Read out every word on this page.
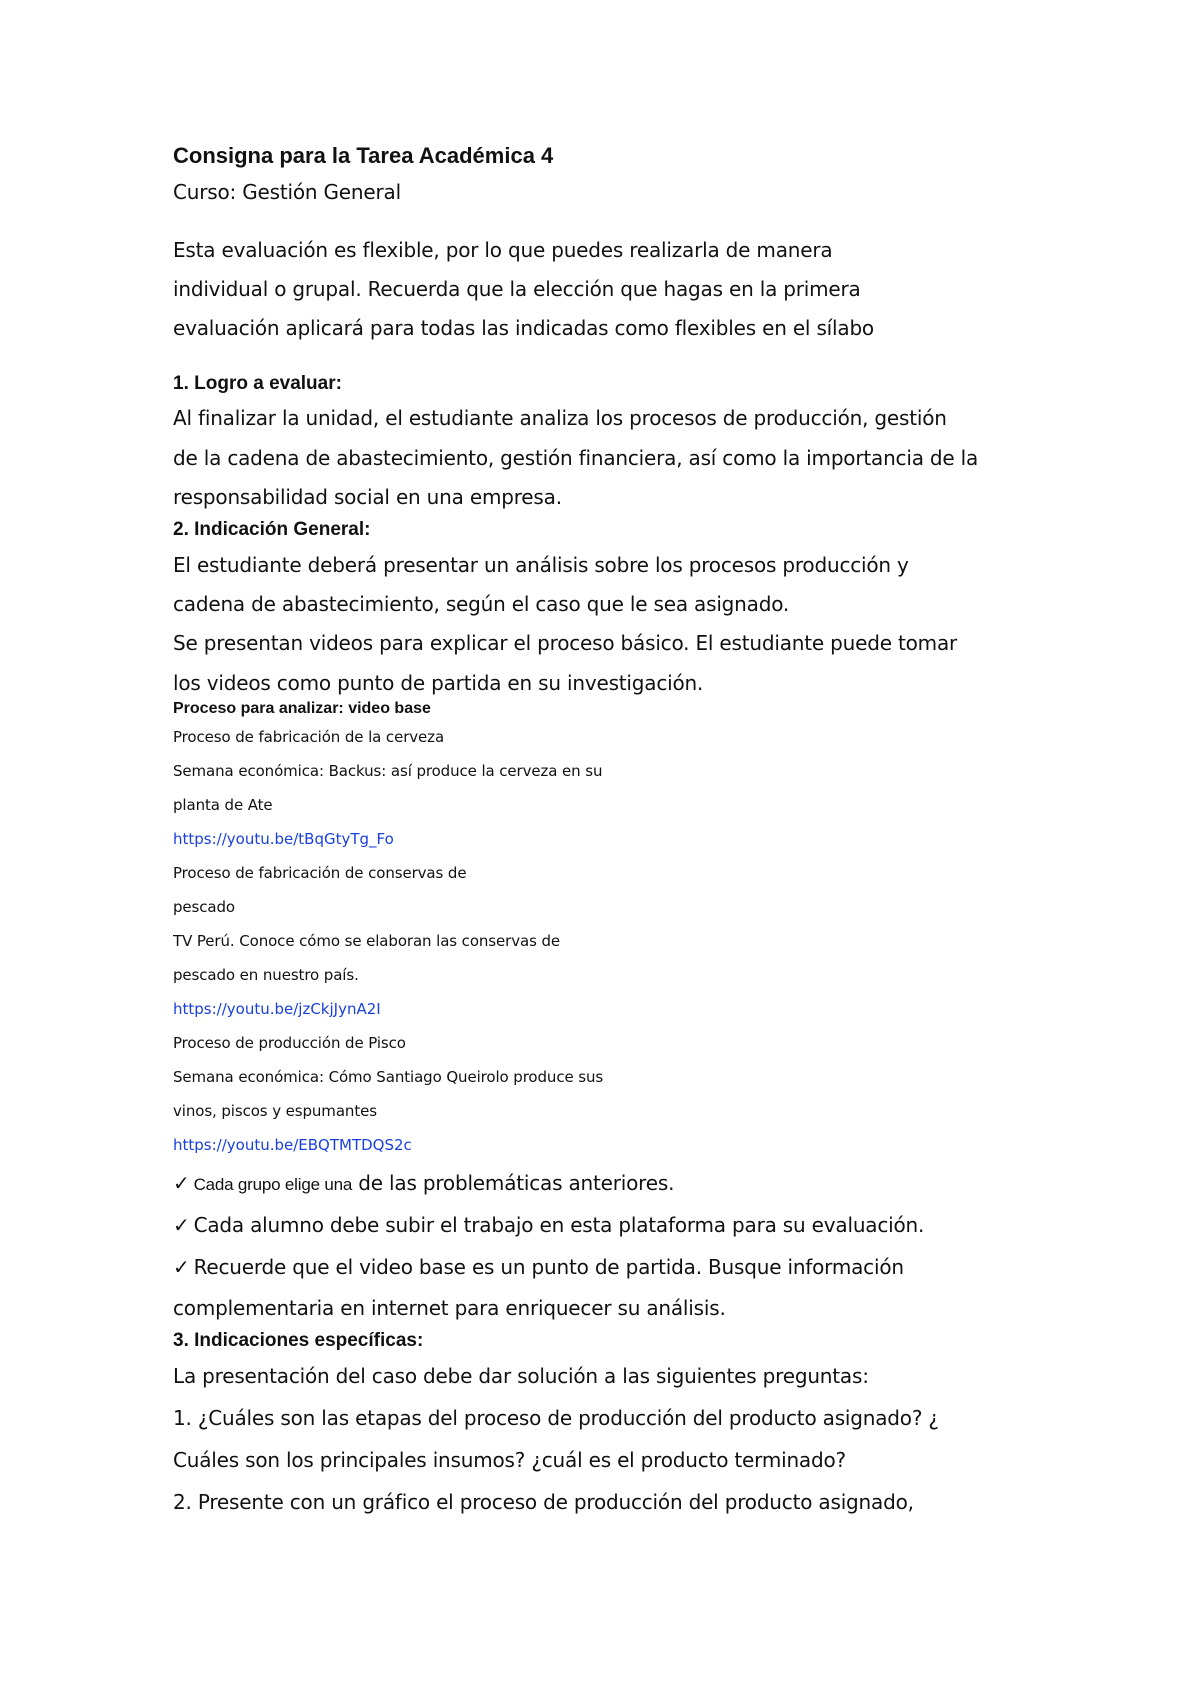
Consigna para la Tarea Académica 4
Curso: Gestión General
Esta evaluación es flexible, por lo que puedes realizarla de manera
individual o grupal. Recuerda que la elección que hagas en la primera
evaluación aplicará para todas las indicadas como flexibles en el sílabo
1. Logro a evaluar:
Al finalizar la unidad, el estudiante analiza los procesos de producción, gestión
de la cadena de abastecimiento, gestión financiera, así como la importancia de la
responsabilidad social en una empresa.
2. Indicación General:
El estudiante deberá presentar un análisis sobre los procesos producción y
cadena de abastecimiento, según el caso que le sea asignado.
Se presentan videos para explicar el proceso básico. El estudiante puede tomar
los videos como punto de partida en su investigación.
Proceso para analizar: video base
Proceso de fabricación de la cerveza
Semana económica: Backus: así produce la cerveza en su
planta de Ate
https://youtu.be/tBqGtyTg_Fo
Proceso de fabricación de conservas de
pescado
TV Perú. Conoce cómo se elaboran las conservas de
pescado en nuestro país.
https://youtu.be/jzCkjJynA2I
Proceso de producción de Pisco
Semana económica: Cómo Santiago Queirolo produce sus
vinos, piscos y espumantes
https://youtu.be/EBQTMTDQS2c
✓ Cada grupo elige una de las problemáticas anteriores.
✓ Cada alumno debe subir el trabajo en esta plataforma para su evaluación.
✓ Recuerde que el video base es un punto de partida. Busque información
complementaria en internet para enriquecer su análisis.
3. Indicaciones específicas:
La presentación del caso debe dar solución a las siguientes preguntas:
1. ¿Cuáles son las etapas del proceso de producción del producto asignado? ¿
Cuáles son los principales insumos? ¿cuál es el producto terminado?
2. Presente con un gráfico el proceso de producción del producto asignado,
